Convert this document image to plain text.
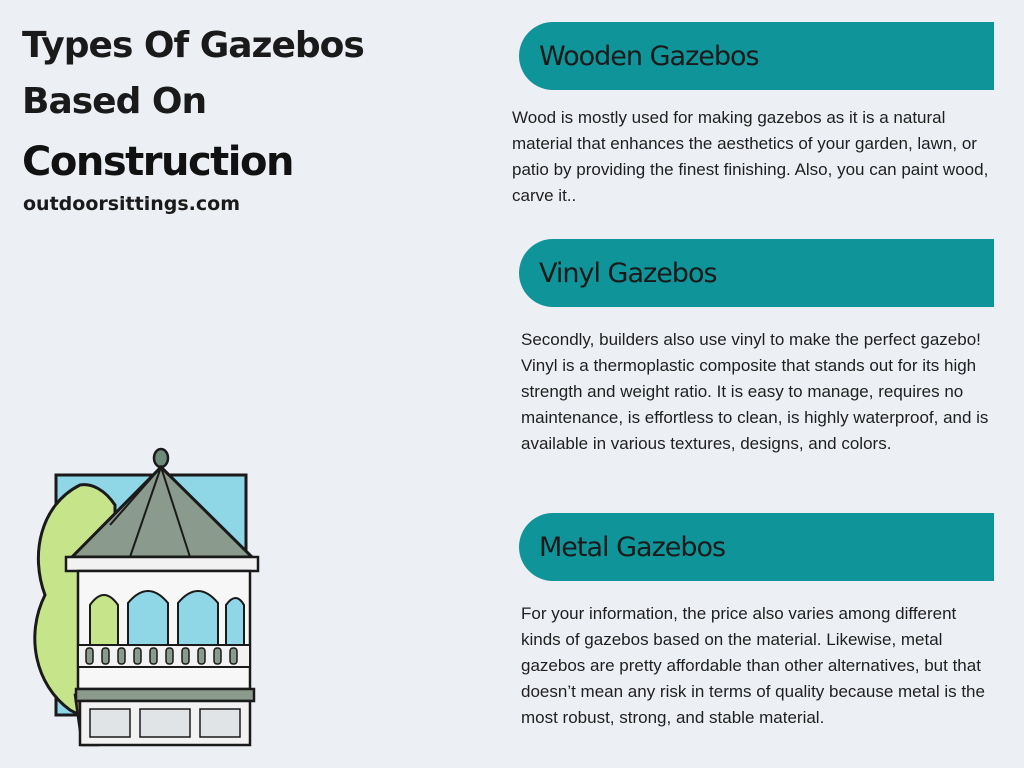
Types Of Gazebos
Based On
Construction

outdoorsittings.com

Wooden Gazebos

Wood is mostly used for making gazebos as it is a natural material that enhances the aesthetics of your garden, lawn, or patio by providing the finest finishing. Also, you can paint wood, carve it..

Vinyl Gazebos

Secondly, builders also use vinyl to make the perfect gazebo! Vinyl is a thermoplastic composite that stands out for its high strength and weight ratio. It is easy to manage, requires no maintenance, is effortless to clean, is highly waterproof, and is available in various textures, designs, and colors.

Metal Gazebos

For your information, the price also varies among different kinds of gazebos based on the material. Likewise, metal gazebos are pretty affordable than other alternatives, but that doesn’t mean any risk in terms of quality because metal is the most robust, strong, and stable material.
